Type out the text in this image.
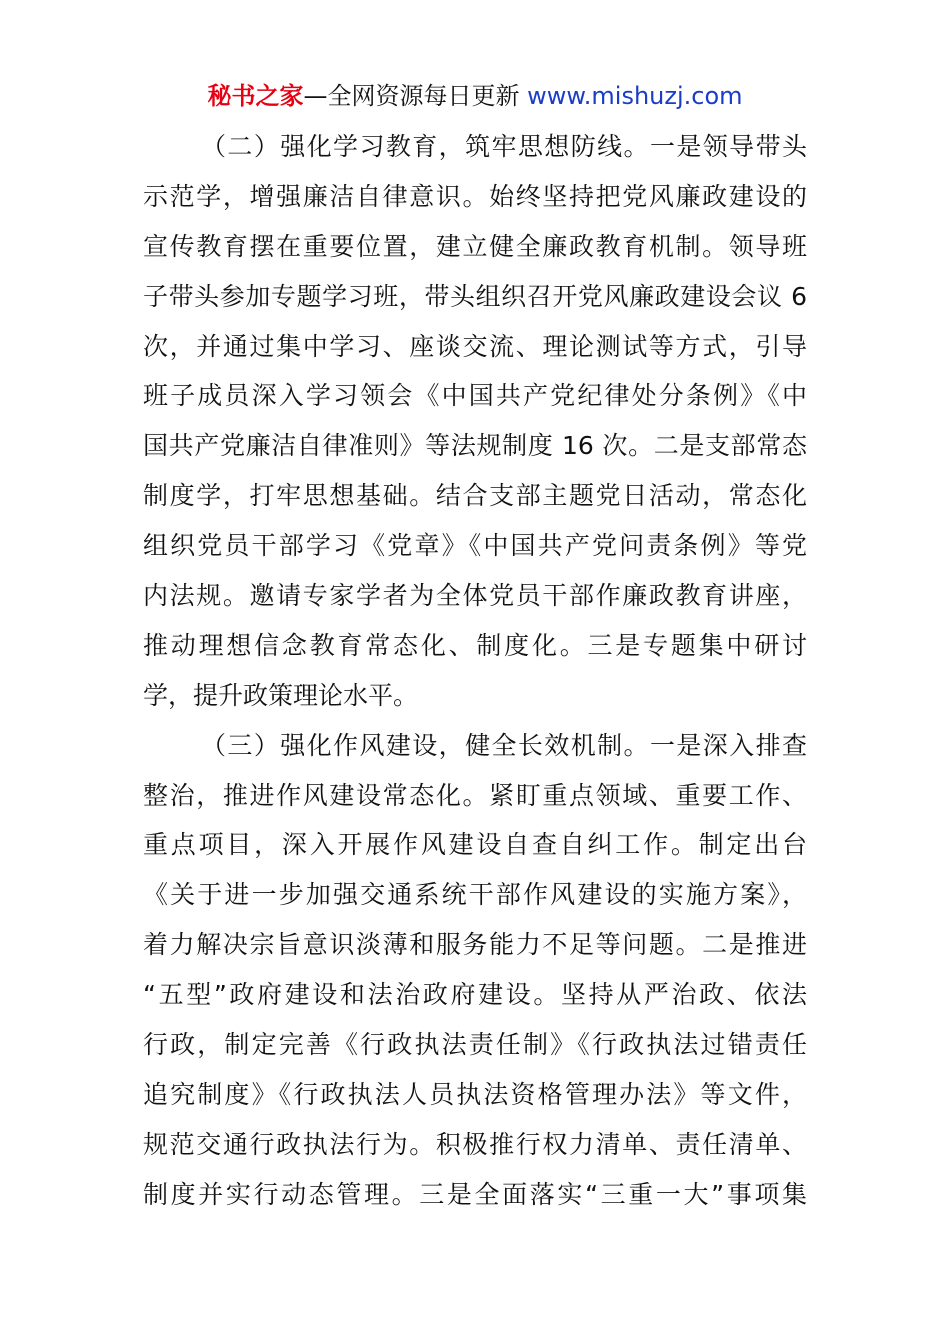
秘书之家—全网资源每日更新 www.mishuzj.com
（二）强化学习教育，筑牢思想防线。一是领导带头
示范学，增强廉洁自律意识。始终坚持把党风廉政建设的
宣传教育摆在重要位置，建立健全廉政教育机制。领导班
子带头参加专题学习班，带头组织召开党风廉政建设会议 6
次，并通过集中学习、座谈交流、理论测试等方式，引导
班子成员深入学习领会《中国共产党纪律处分条例》《中
国共产党廉洁自律准则》等法规制度 16 次。二是支部常态
制度学，打牢思想基础。结合支部主题党日活动，常态化
组织党员干部学习《党章》《中国共产党问责条例》等党
内法规。邀请专家学者为全体党员干部作廉政教育讲座，
推动理想信念教育常态化、制度化。三是专题集中研讨
学，提升政策理论水平。
（三）强化作风建设，健全长效机制。一是深入排查
整治，推进作风建设常态化。紧盯重点领域、重要工作、
重点项目，深入开展作风建设自查自纠工作。制定出台
《关于进一步加强交通系统干部作风建设的实施方案》，
着力解决宗旨意识淡薄和服务能力不足等问题。二是推进
“五型”政府建设和法治政府建设。坚持从严治政、依法
行政，制定完善《行政执法责任制》《行政执法过错责任
追究制度》《行政执法人员执法资格管理办法》等文件，
规范交通行政执法行为。积极推行权力清单、责任清单、
制度并实行动态管理。三是全面落实“三重一大”事项集
